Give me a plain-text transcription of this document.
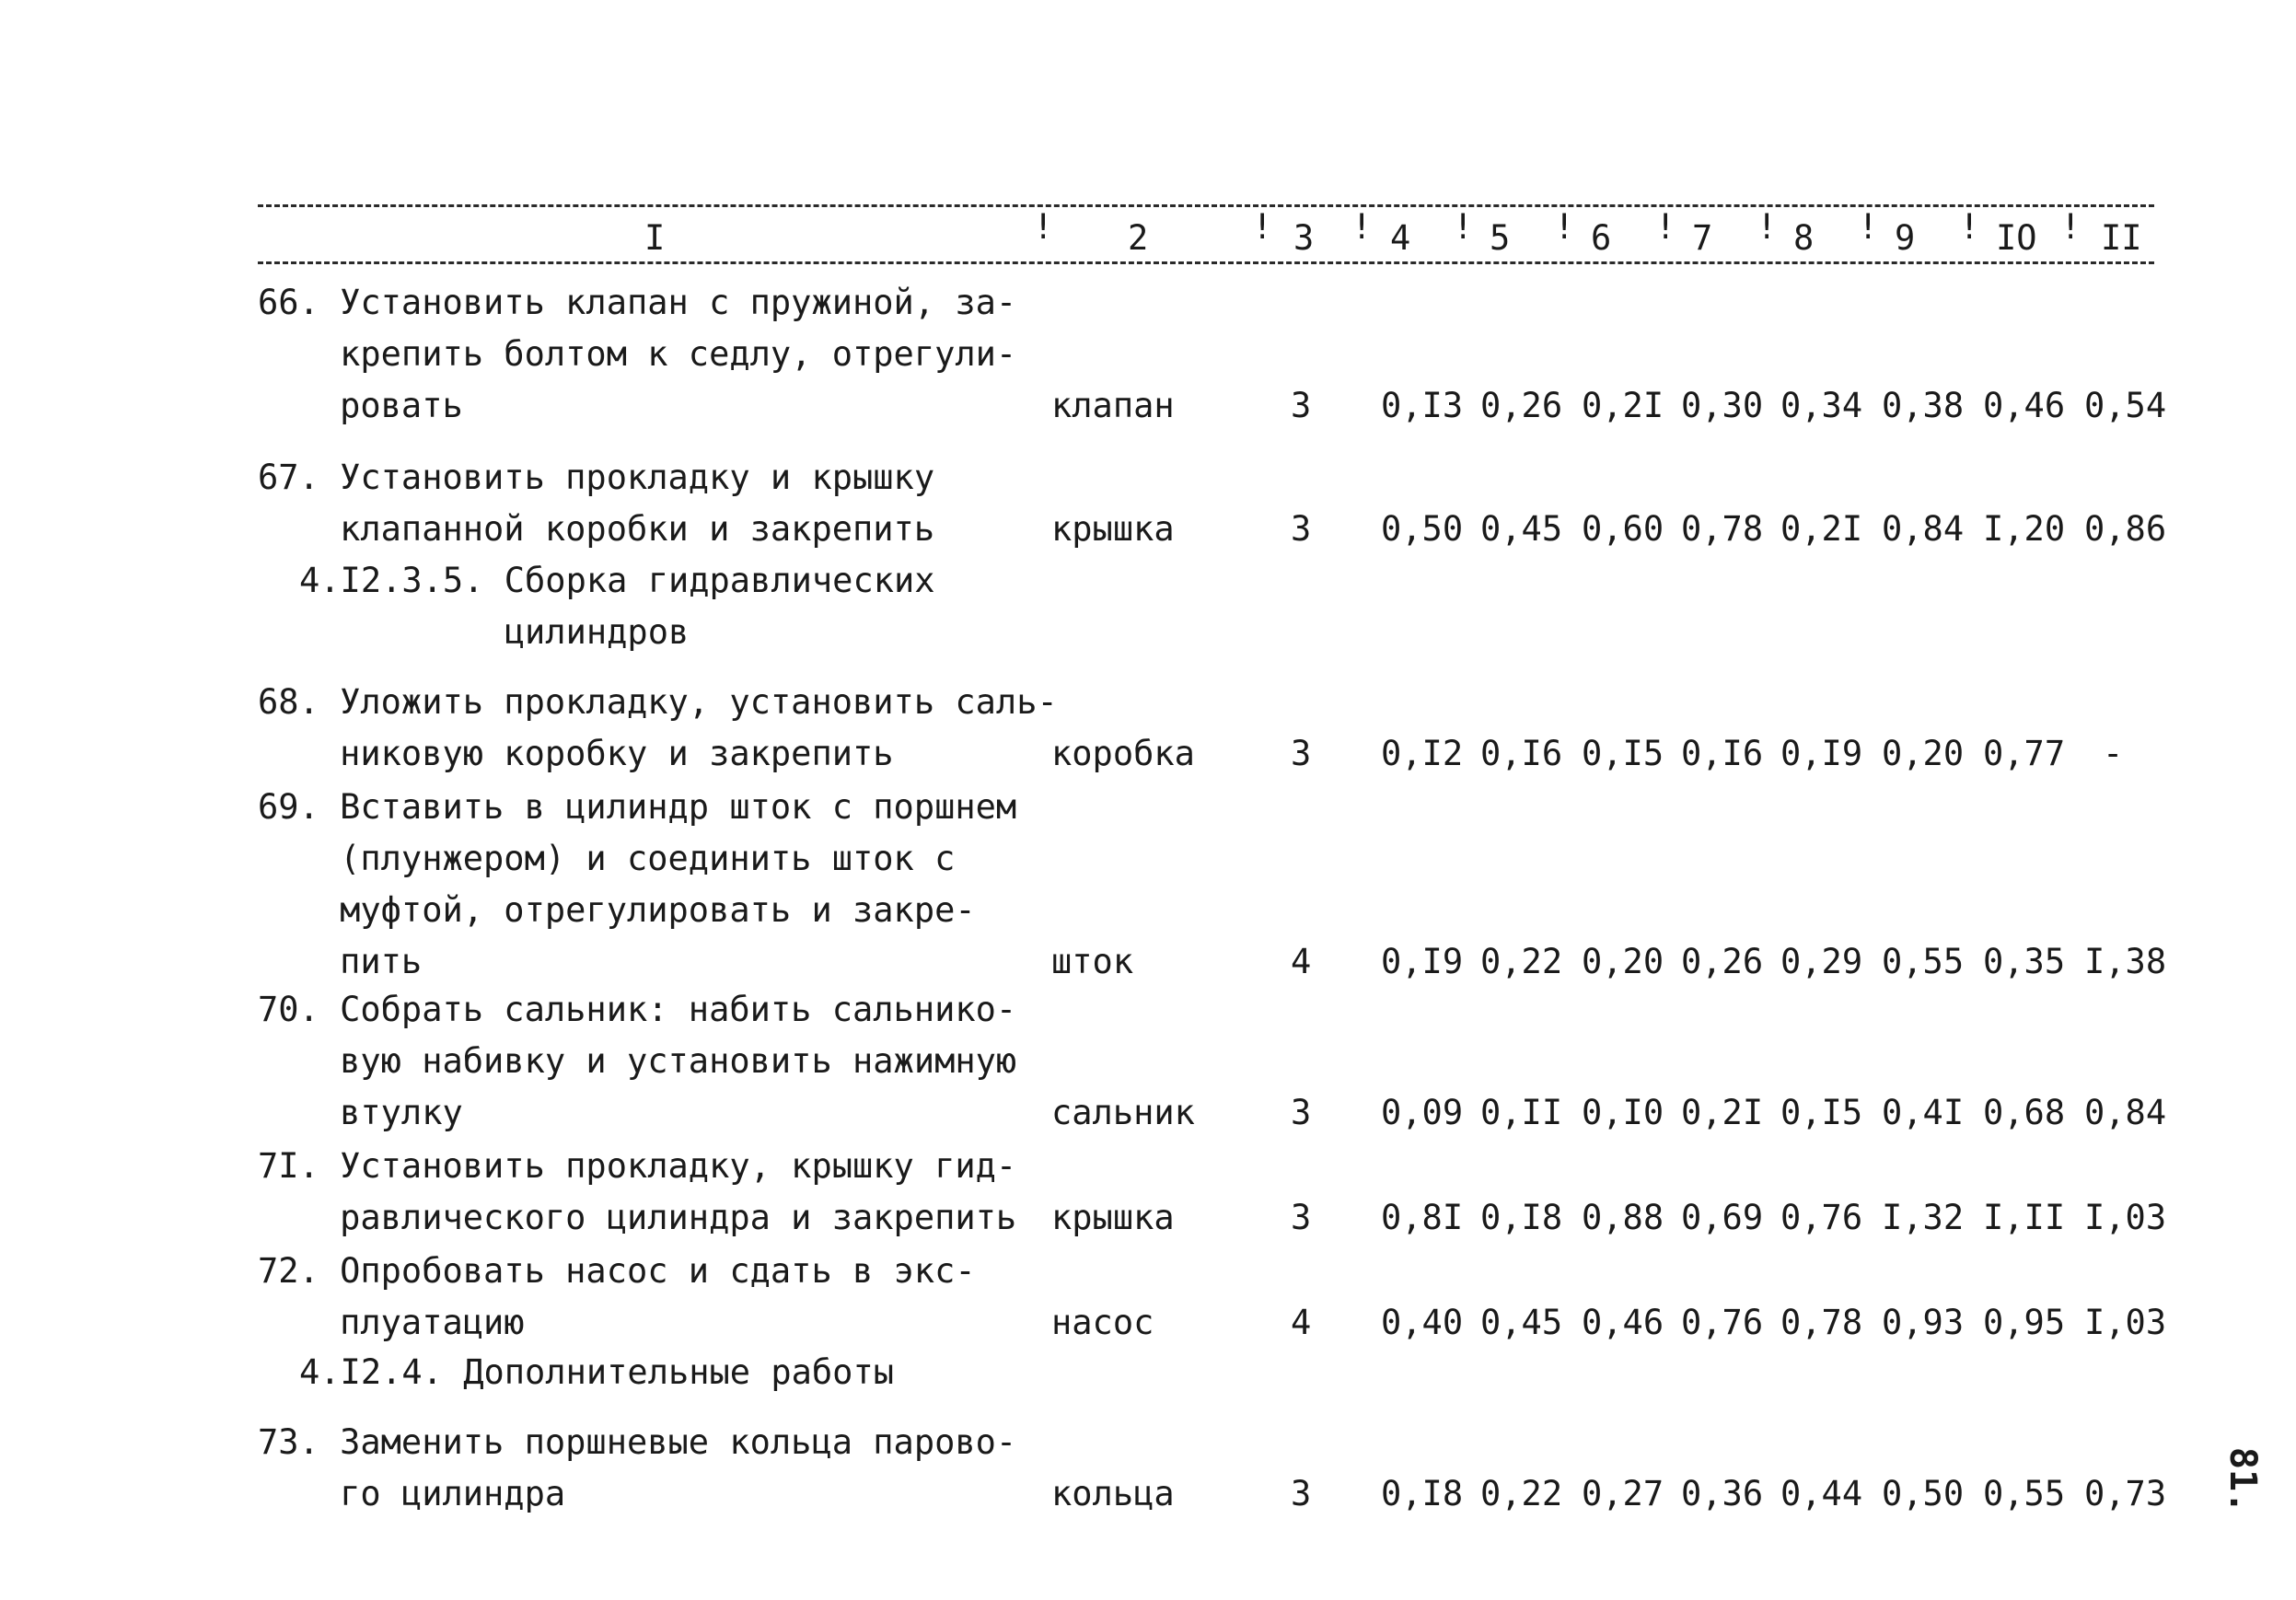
I	2	3 4 5 6 7 8 9 IO II
!	! ! ! ! ! ! ! ! !
66. Установить клапан с пружиной, за-
крепить болтом к седлу, отрегули-
ровать	клапан	3 0,I3 0,26 0,2I 0,30 0,34 0,38 0,46 0,54
67. Установить прокладку и крышку
клапанной коробки и закрепить	крышка	3 0,50 0,45 0,60 0,78 0,2I 0,84 I,20 0,86
4.I2.3.5. Сборка гидравлических
цилиндров
68. Уложить прокладку, установить саль-
никовую коробку и закрепить	коробка	3 0,I2 0,I6 0,I5 0,I6 0,I9 0,20 0,77 -
69. Вставить в цилиндр шток с поршнем
(плунжером) и соединить шток с
муфтой, отрегулировать и закре-
пить	шток	4 0,I9 0,22 0,20 0,26 0,29 0,55 0,35 I,38
70. Собрать сальник: набить сальнико-
вую набивку и установить нажимную
втулку	сальник	3 0,09 0,II 0,I0 0,2I 0,I5 0,4I 0,68 0,84
7I. Установить прокладку, крышку гид-
равлического цилиндра и закрепить крышка	3 0,8I 0,I8 0,88 0,69 0,76 I,32 I,II I,03
72. Опробовать насос и сдать в экс-
плуатацию	насос	4 0,40 0,45 0,46 0,76 0,78 0,93 0,95 I,03
4.I2.4. Дополнительные работы
73. Заменить поршневые кольца парово-
го цилиндра	кольца	3 0,I8 0,22 0,27 0,36 0,44 0,50 0,55 0,73 81.
